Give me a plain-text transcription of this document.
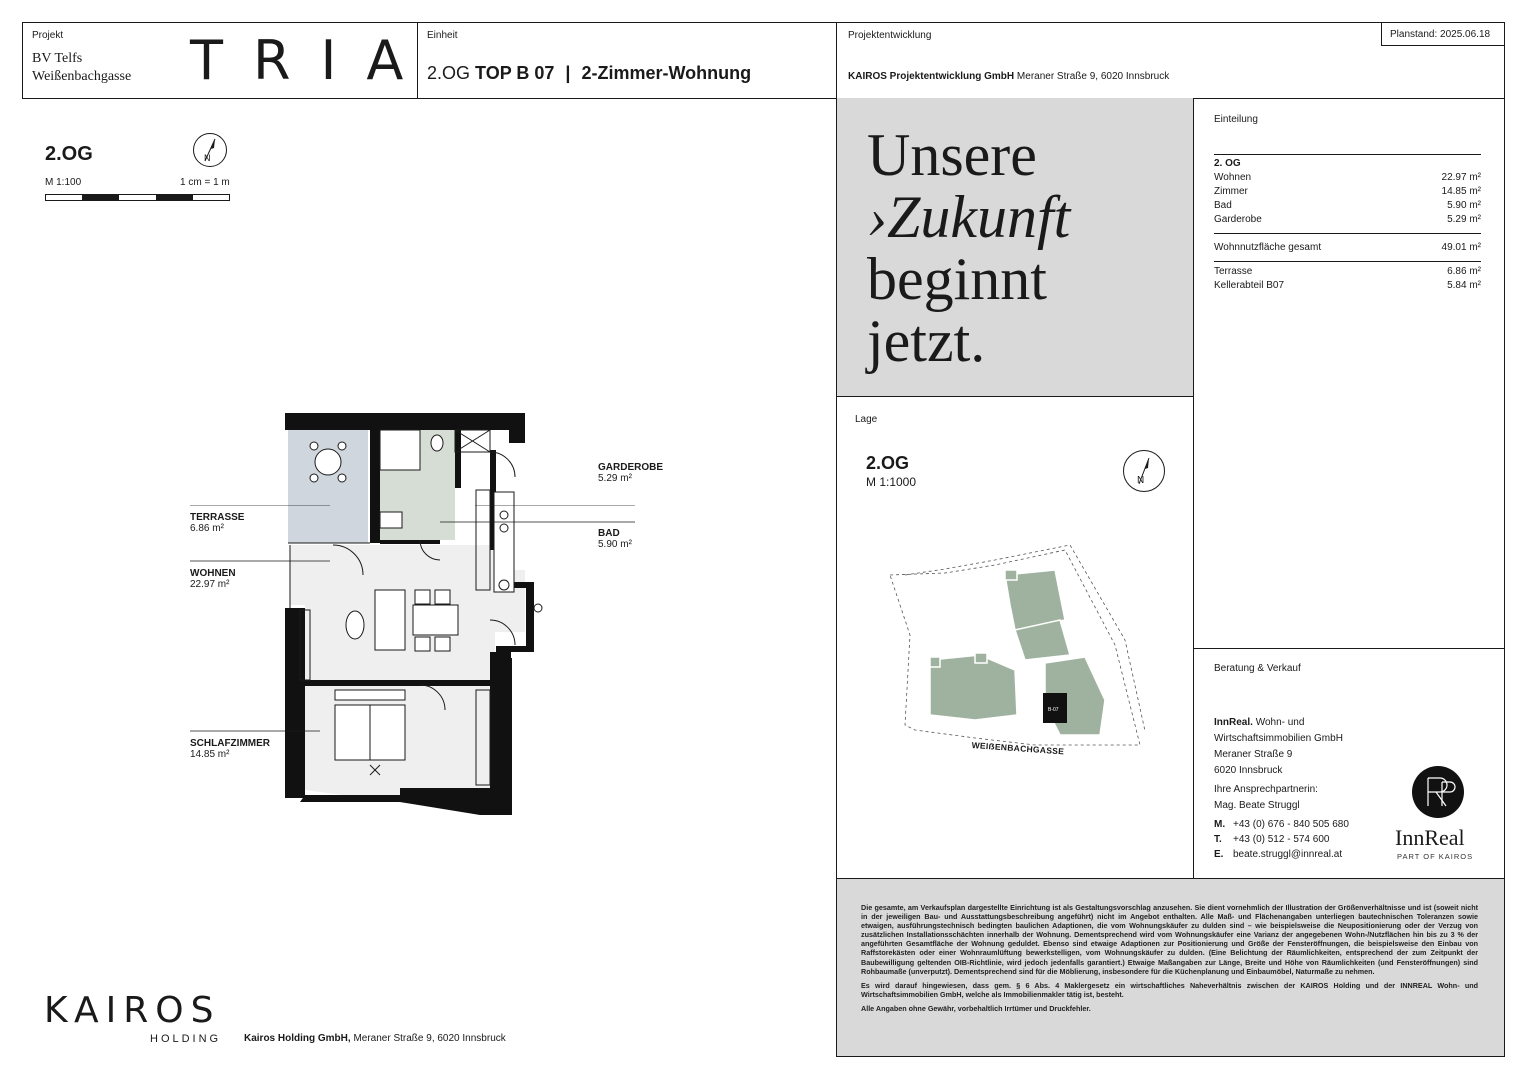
Projekt
BV Telfs
Weißenbachgasse TRIA
Einheit
2.OG TOP B 07 | 2-Zimmer-Wohnung
Projektentwicklung
KAIROS Projektentwicklung GmbH Meraner Straße 9, 6020 Innsbruck
Planstand: 2025.06.18
2.OG
M 1:100	1 cm = 1 m
N
TERRASSE
6.86 m²
WOHNEN
22.97 m²
SCHLAFZIMMER
14.85 m²
GARDEROBE
5.29 m²
BAD
5.90 m²
Unsere
›Zukunft
beginnt
jetzt.
Einteilung
2. OG
Wohnen	22.97 m²
Zimmer	14.85 m²
Bad	5.90 m²
Garderobe	5.29 m²
Wohnnutzfläche gesamt	49.01 m²
Terrasse	6.86 m²
Kellerabteil B07	5.84 m²
Lage
2.OG
M 1:1000	N
B-07
WEIẞENBACHGASSE
Beratung & Verkauf
InnReal. Wohn- und
Wirtschaftsimmobilien GmbH
Meraner Straße 9
6020 Innsbruck
Ihre Ansprechpartnerin:
Mag. Beate Struggl
M. +43 (0) 676 - 840 505 680
T. +43 (0) 512 - 574 600
E. beate.struggl@innreal.at
InnReal
PART OF KAIROS

Die gesamte, am Verkaufsplan dargestellte Einrichtung ist als Gestaltungsvorschlag anzusehen. Sie dient vornehmlich der Illustration der Größenverhältnisse und ist (soweit nicht in der jeweiligen Bau- und Ausstattungsbeschreibung angeführt) nicht im Angebot enthalten. Alle Maß- und Flächenangaben unterliegen bautechnischen Toleranzen sowie etwaigen, ausführungstechnisch bedingten baulichen Adaptionen, die vom Wohnungskäufer zu dulden sind – wie beispielsweise die Neupositionierung oder der Verzug von zusätzlichen Installationsschächten innerhalb der Wohnung. Dementsprechend wird vom Wohnungskäufer eine Varianz der angegebenen Wohn-/Nutzflächen hin bis zu 3 % der angeführten Gesamtfläche der Wohnung geduldet. Ebenso sind etwaige Adaptionen zur Positionierung und Größe der Fensteröffnungen, die beispielsweise den Einbau von Raffstorekästen oder einer Wohnraumlüftung bewerkstelligen, vom Wohnungskäufer zu dulden. (Eine Belichtung der Räumlichkeiten, entsprechend der zum Zeitpunkt der Baubewilligung geltenden OIB-Richtlinie, wird jedoch jedenfalls garantiert.) Etwaige Maßangaben zur Länge, Breite und Höhe von Räumlichkeiten (und Fensteröffnungen) sind Rohbaumaße (unverputzt). Dementsprechend sind für die Möblierung, insbesondere für die Küchenplanung und Einbaumöbel, Naturmaße zu nehmen.

Es wird darauf hingewiesen, dass gem. § 6 Abs. 4 Maklergesetz ein wirtschaftliches Naheverhältnis zwischen der KAIROS Holding und der INNREAL Wohn- und Wirtschaftsimmobilien GmbH, welche als Immobilienmakler tätig ist, besteht.

Alle Angaben ohne Gewähr, vorbehaltlich Irrtümer und Druckfehler.

KAIROS
HOLDING Kairos Holding GmbH, Meraner Straße 9, 6020 Innsbruck
